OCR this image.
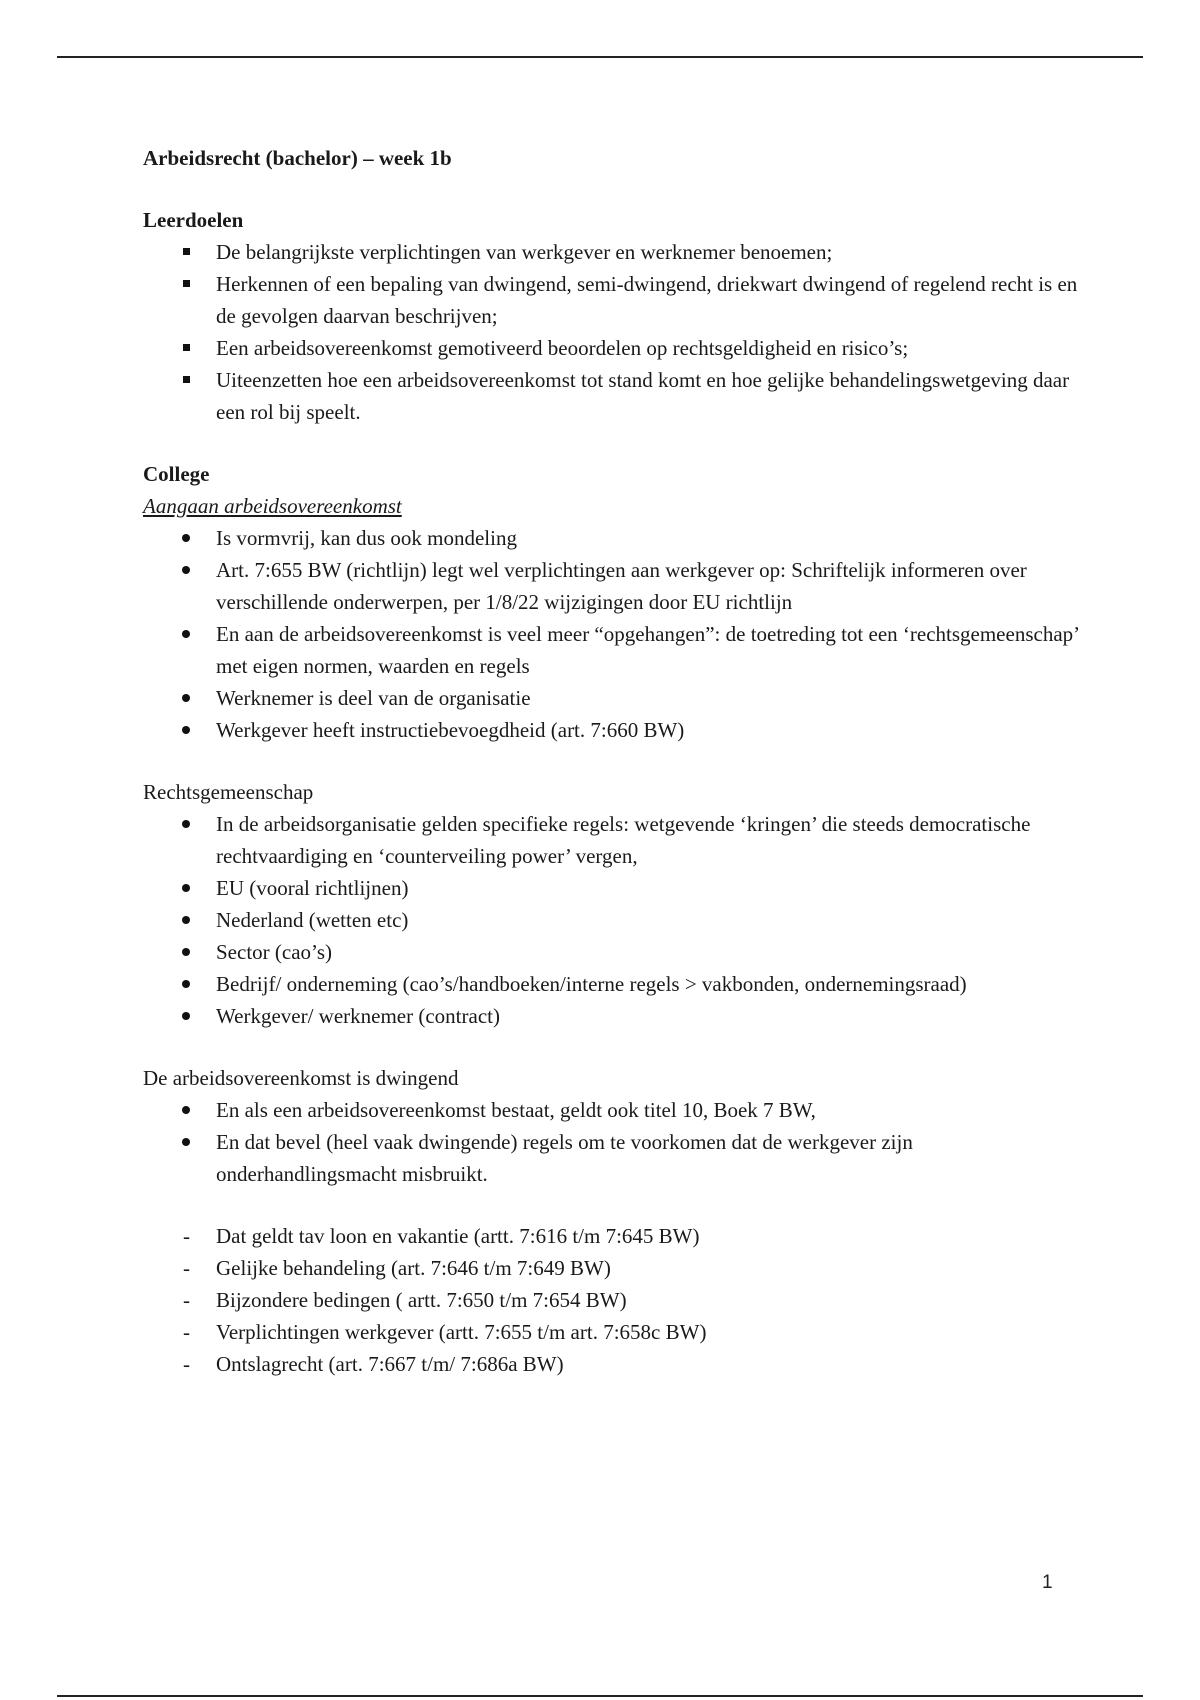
Arbeidsrecht (bachelor) – week 1b

Leerdoelen

De belangrijkste verplichtingen van werkgever en werknemer benoemen;
Herkennen of een bepaling van dwingend, semi-dwingend, driekwart dwingend of regelend recht is en de gevolgen daarvan beschrijven;
Een arbeidsovereenkomst gemotiveerd beoordelen op rechtsgeldigheid en risico’s;
Uiteenzetten hoe een arbeidsovereenkomst tot stand komt en hoe gelijke behandelingswetgeving daar een rol bij speelt.

College

Aangaan arbeidsovereenkomst

Is vormvrij, kan dus ook mondeling
Art. 7:655 BW (richtlijn) legt wel verplichtingen aan werkgever op: Schriftelijk informeren over verschillende onderwerpen, per 1/8/22 wijzigingen door EU richtlijn
En aan de arbeidsovereenkomst is veel meer “opgehangen”: de toetreding tot een ‘rechtsgemeenschap’ met eigen normen, waarden en regels
Werknemer is deel van de organisatie
Werkgever heeft instructiebevoegdheid (art. 7:660 BW)

Rechtsgemeenschap

In de arbeidsorganisatie gelden specifieke regels: wetgevende ‘kringen’ die steeds democratische rechtvaardiging en ‘counterveiling power’ vergen,
EU (vooral richtlijnen)
Nederland (wetten etc)
Sector (cao’s)
Bedrijf/ onderneming (cao’s/handboeken/interne regels > vakbonden, ondernemingsraad)
Werkgever/ werknemer (contract)

De arbeidsovereenkomst is dwingend

En als een arbeidsovereenkomst bestaat, geldt ook titel 10, Boek 7 BW,
En dat bevel (heel vaak dwingende) regels om te voorkomen dat de werkgever zijn onderhandlingsmacht misbruikt.
- Dat geldt tav loon en vakantie (artt. 7:616 t/m 7:645 BW)
- Gelijke behandeling (art. 7:646 t/m 7:649 BW)
- Bijzondere bedingen ( artt. 7:650 t/m 7:654 BW)
- Verplichtingen werkgever (artt. 7:655 t/m art. 7:658c BW)
- Ontslagrecht (art. 7:667 t/m/ 7:686a BW)
1
